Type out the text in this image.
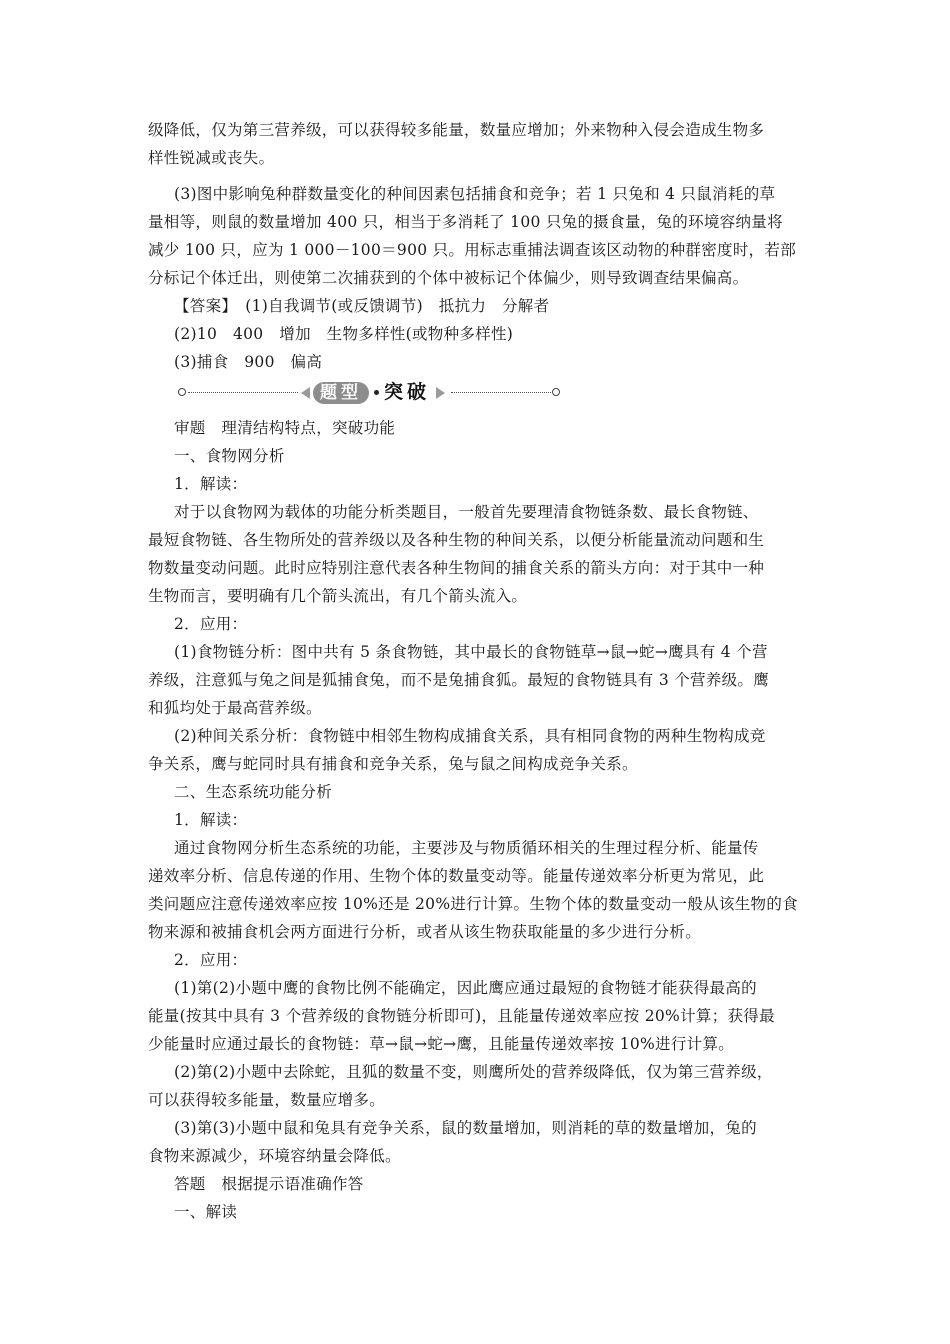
级降低，仅为第三营养级，可以获得较多能量，数量应增加；外来物种入侵会造成生物多
样性锐减或丧失。
(3)图中影响兔种群数量变化的种间因素包括捕食和竞争；若 1 只兔和 4 只鼠消耗的草
量相等，则鼠的数量增加 400 只，相当于多消耗了 100 只兔的摄食量，兔的环境容纳量将
减少 100 只，应为 1 000－100＝900 只。用标志重捕法调查该区动物的种群密度时，若部
分标记个体迁出，则使第二次捕获到的个体中被标记个体偏少，则导致调查结果偏高。
【答案】　(1)自我调节(或反馈调节)　抵抗力　分解者
(2)10　400　增加　生物多样性(或物种多样性)
(3)捕食　900　偏高
审题　理清结构特点，突破功能
一、食物网分析
1．解读：
对于以食物网为载体的功能分析类题目，一般首先要理清食物链条数、最长食物链、
最短食物链、各生物所处的营养级以及各种生物的种间关系，以便分析能量流动问题和生
物数量变动问题。此时应特别注意代表各种生物间的捕食关系的箭头方向：对于其中一种
生物而言，要明确有几个箭头流出，有几个箭头流入。
2．应用：
(1)食物链分析：图中共有 5 条食物链，其中最长的食物链草→鼠→蛇→鹰具有 4 个营
养级，注意狐与兔之间是狐捕食兔，而不是兔捕食狐。最短的食物链具有 3 个营养级。鹰
和狐均处于最高营养级。
(2)种间关系分析：食物链中相邻生物构成捕食关系，具有相同食物的两种生物构成竞
争关系，鹰与蛇同时具有捕食和竞争关系，兔与鼠之间构成竞争关系。
二、生态系统功能分析
1．解读：
通过食物网分析生态系统的功能，主要涉及与物质循环相关的生理过程分析、能量传
递效率分析、信息传递的作用、生物个体的数量变动等。能量传递效率分析更为常见，此
类问题应注意传递效率应按 10%还是 20%进行计算。生物个体的数量变动一般从该生物的食
物来源和被捕食机会两方面进行分析，或者从该生物获取能量的多少进行分析。
2．应用：
(1)第(2)小题中鹰的食物比例不能确定，因此鹰应通过最短的食物链才能获得最高的
能量(按其中具有 3 个营养级的食物链分析即可)，且能量传递效率应按 20%计算；获得最
少能量时应通过最长的食物链：草→鼠→蛇→鹰，且能量传递效率按 10%进行计算。
(2)第(2)小题中去除蛇，且狐的数量不变，则鹰所处的营养级降低，仅为第三营养级，
可以获得较多能量，数量应增多。
(3)第(3)小题中鼠和兔具有竞争关系，鼠的数量增加，则消耗的草的数量增加，兔的
食物来源减少，环境容纳量会降低。
答题　根据提示语准确作答
一、解读
题型	突破
